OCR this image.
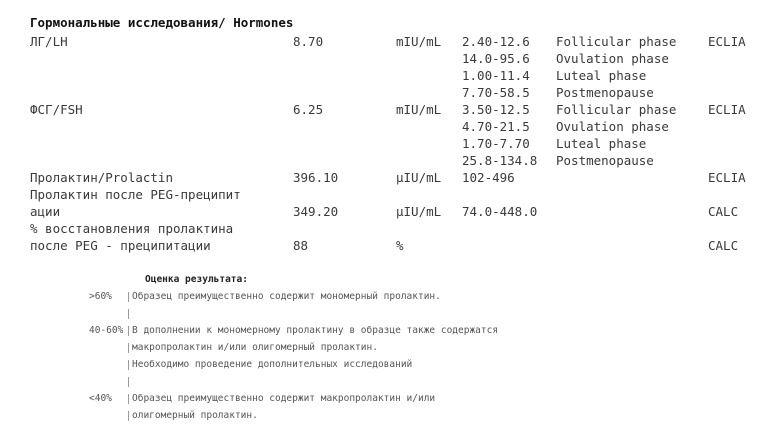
Гормональные исследования/ Hormones
ЛГ/LH	8.70	mIU/mL 2.40-12.6 Follicular phase	ECLIA
14.0-95.6 Ovulation phase
1.00-11.4 Luteal phase
7.70-58.5 Postmenopause
ФСГ/FSH	6.25	mIU/mL 3.50-12.5 Follicular phase	ECLIA
4.70-21.5 Ovulation phase
1.70-7.70 Luteal phase
25.8-134.8 Postmenopause
Пролактин/Prolactin	396.10	µIU/mL 102-496	ECLIA
Пролактин после PEG-преципит
ации	349.20	µIU/mL 74.0-448.0	CALC
% восстановления пролактина
после PEG - преципитации	88	%	CALC
Оценка результата:
>60% Образец преимущественно содержит мономерный пролактин.
40-60% В дополнении к мономерному пролактину в образце также содержатся
макропролактин и/или олигомерный пролактин.
Необходимо проведение дополнительных исследований
<40% Образец преимущественно содержит макропролактин и/или
олигомерный пролактин.
